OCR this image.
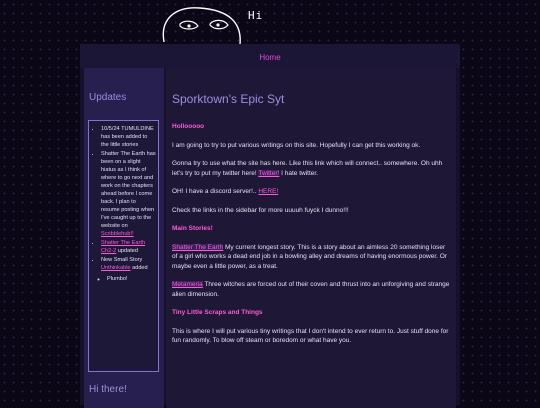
Hi
Home
Updates
• 10/5/24 TUMULDINE has been added to the little stories
• Shatter The Earth has been on a slight hiatus as I think of where to go next and work on the chapters ahead before I come back. I plan to resume posting when I've caught up to the website on Scribblehub!!
• Shatter The Earth Ch2-2 updated
• New Small Story Unthinkable added
◦ Plumbo!
Hi there!
Sporktown's Epic Syt

Hollooooo

I am going to try to put various writings on this site. Hopefully I can get this working ok.

Gonna try to use what the site has here. Like this link which will connect.. somewhere. Oh uhh let's try to put my twitter here! Twitter! I hate twitter.

OH! I have a discord server!.. HERE!

Check the links in the sidebar for more uuuuh fuyck I dunno!!!

Main Stories!

Shatter The Earth My current longest story. This is a story about an aimless 20 something loser of a girl who works a dead end job in a bowling alley and dreams of having enormous power. Or maybe even a little power, as a treat.

Metameria Three witches are forced out of their coven and thrust into an unforgiving and strange alien dimension.

Tiny Little Scraps and Things

This is where I will put various tiny writings that I don't intend to ever return to. Just stuff done for fun randomly. To blow off steam or boredom or what have you.
